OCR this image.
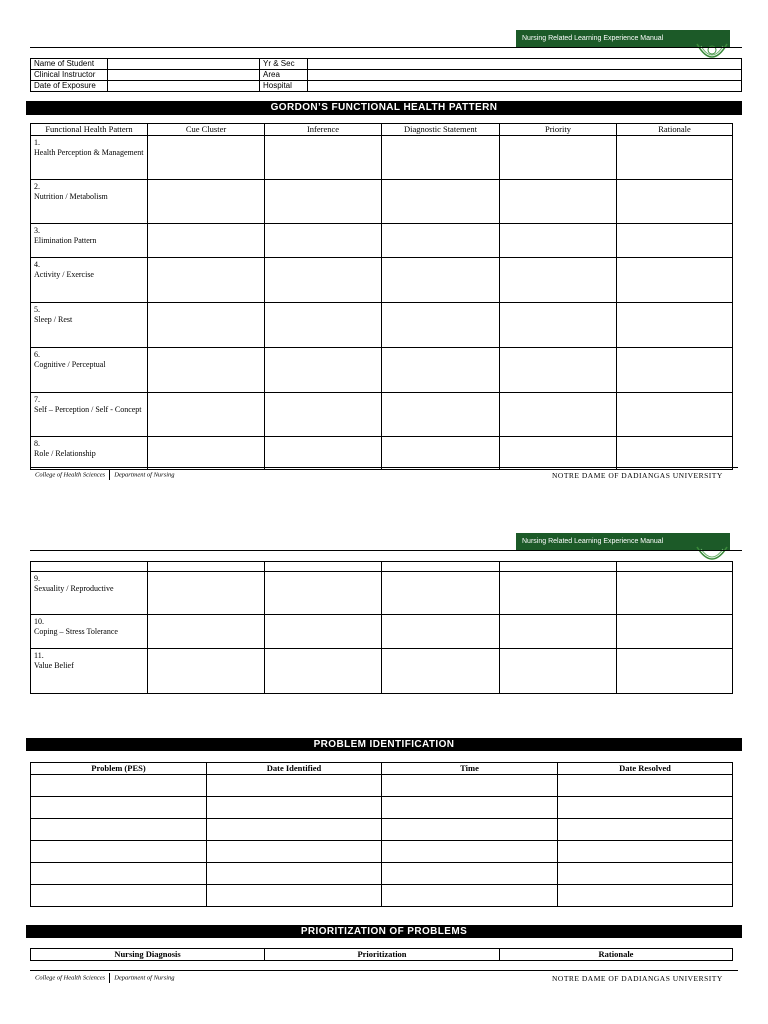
Nursing Related Learning Experience Manual
Name of Student		Yr & Sec	
Clinical Instructor		Area	
Date of Exposure		Hospital	
GORDON’S FUNCTIONAL HEALTH PATTERN
Functional Health Pattern	Cue Cluster	Inference	Diagnostic Statement	Priority	Rationale
1.Health Perception & Management					
2.Nutrition / Metabolism					
3.Elimination Pattern					
4.Activity / Exercise					
5.Sleep / Rest					
6.Cognitive / Perceptual					
7.Self – Perception / Self - Concept					
8.Role / Relationship					
College of Health Sciences Department of Nursing	NOTRE DAME OF DADIANGAS UNIVERSITY
Nursing Related Learning Experience Manual

9.Sexuality / Reproductive					
10.Coping – Stress Tolerance					
11.Value Belief					
PROBLEM IDENTIFICATION
Problem (PES)	Date Identified	Time	Date Resolved

PRIORITIZATION OF PROBLEMS
Nursing Diagnosis	Prioritization	Rationale
College of Health Sciences Department of Nursing	NOTRE DAME OF DADIANGAS UNIVERSITY
